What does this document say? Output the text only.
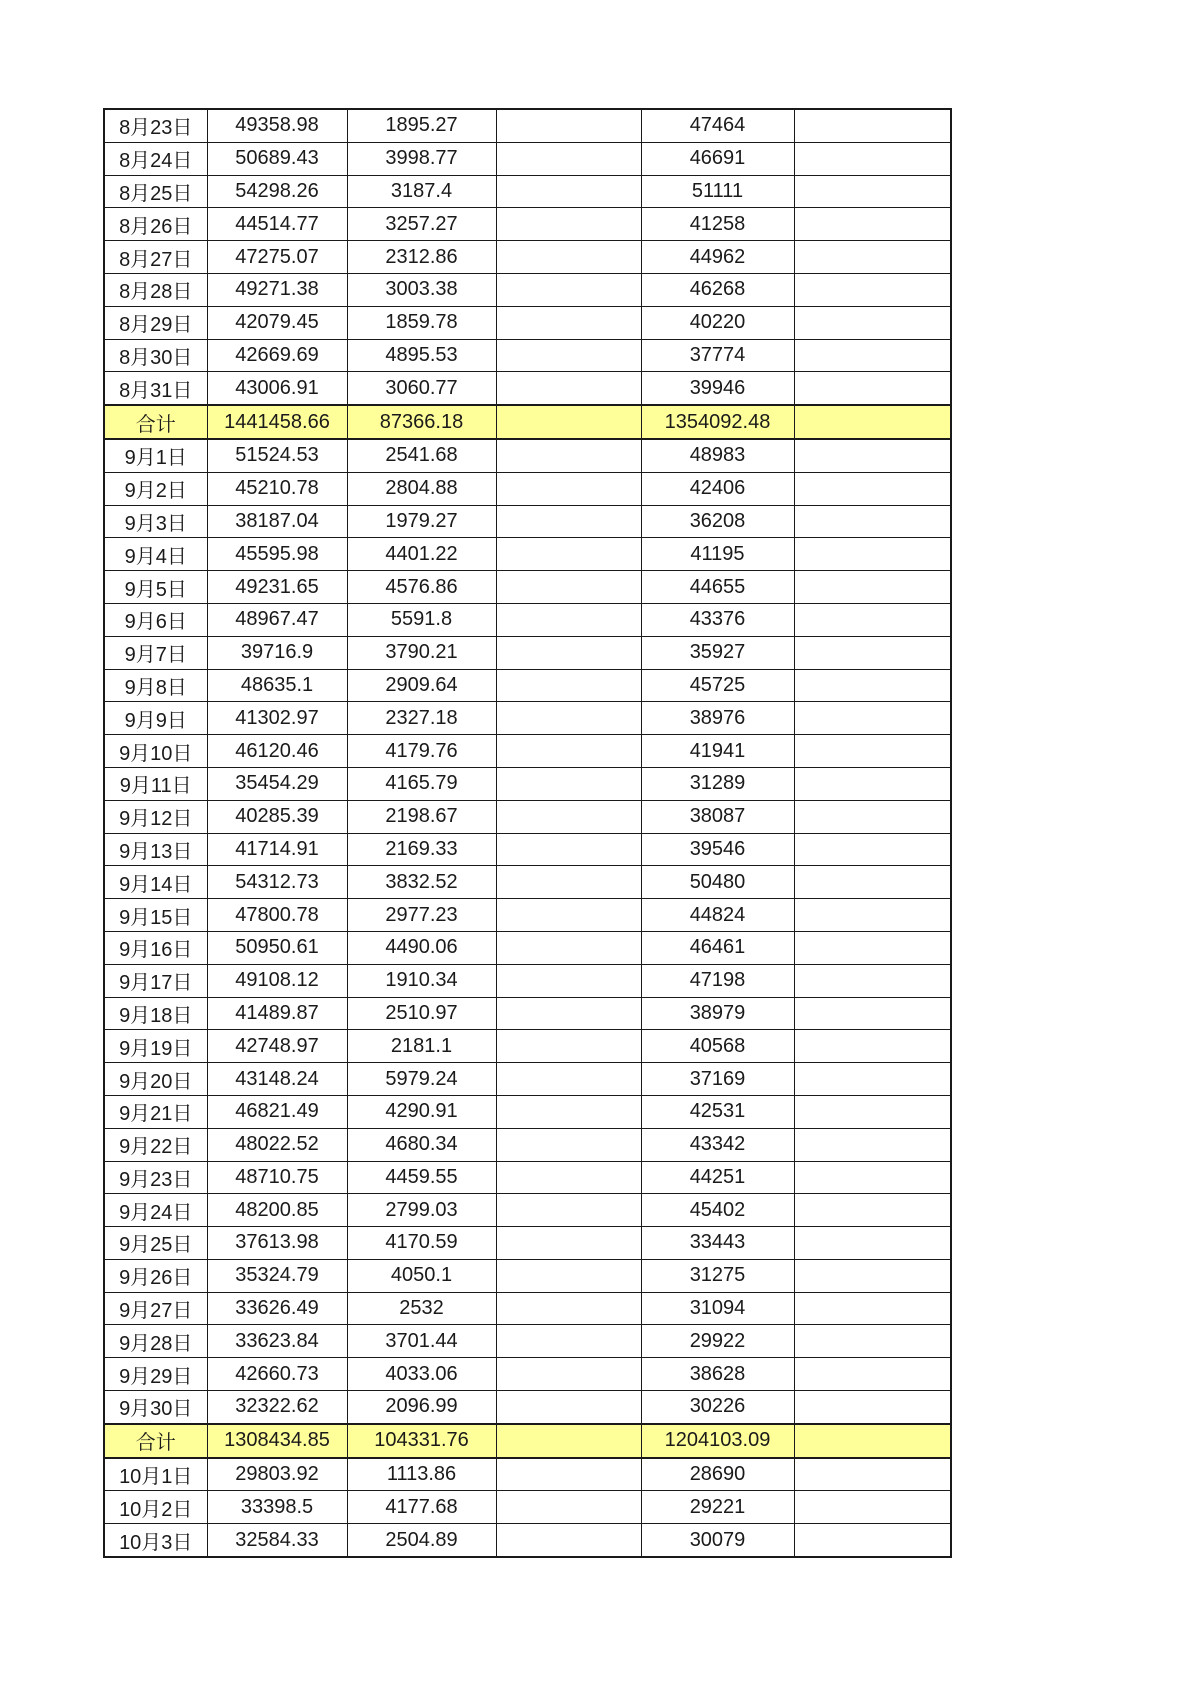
8月23日	49358.98	1895.27		47464	
8月24日	50689.43	3998.77		46691	
8月25日	54298.26	3187.4		51111	
8月26日	44514.77	3257.27		41258	
8月27日	47275.07	2312.86		44962	
8月28日	49271.38	3003.38		46268	
8月29日	42079.45	1859.78		40220	
8月30日	42669.69	4895.53		37774	
8月31日	43006.91	3060.77		39946	
合计	1441458.66	87366.18		1354092.48	
9月1日	51524.53	2541.68		48983	
9月2日	45210.78	2804.88		42406	
9月3日	38187.04	1979.27		36208	
9月4日	45595.98	4401.22		41195	
9月5日	49231.65	4576.86		44655	
9月6日	48967.47	5591.8		43376	
9月7日	39716.9	3790.21		35927	
9月8日	48635.1	2909.64		45725	
9月9日	41302.97	2327.18		38976	
9月10日	46120.46	4179.76		41941	
9月11日	35454.29	4165.79		31289	
9月12日	40285.39	2198.67		38087	
9月13日	41714.91	2169.33		39546	
9月14日	54312.73	3832.52		50480	
9月15日	47800.78	2977.23		44824	
9月16日	50950.61	4490.06		46461	
9月17日	49108.12	1910.34		47198	
9月18日	41489.87	2510.97		38979	
9月19日	42748.97	2181.1		40568	
9月20日	43148.24	5979.24		37169	
9月21日	46821.49	4290.91		42531	
9月22日	48022.52	4680.34		43342	
9月23日	48710.75	4459.55		44251	
9月24日	48200.85	2799.03		45402	
9月25日	37613.98	4170.59		33443	
9月26日	35324.79	4050.1		31275	
9月27日	33626.49	2532		31094	
9月28日	33623.84	3701.44		29922	
9月29日	42660.73	4033.06		38628	
9月30日	32322.62	2096.99		30226	
合计	1308434.85	104331.76		1204103.09	
10月1日	29803.92	1113.86		28690	
10月2日	33398.5	4177.68		29221	
10月3日	32584.33	2504.89		30079	
